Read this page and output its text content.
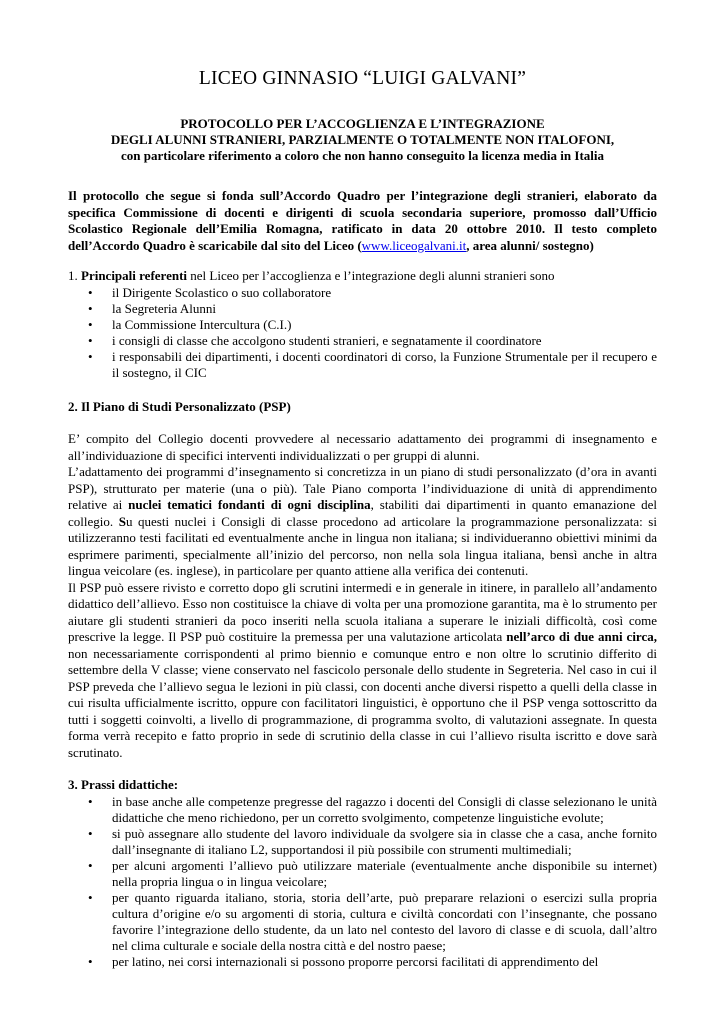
LICEO GINNASIO “LUIGI GALVANI”

PROTOCOLLO PER L’ACCOGLIENZA E L’INTEGRAZIONE

DEGLI ALUNNI STRANIERI, PARZIALMENTE O TOTALMENTE NON ITALOFONI,

con particolare riferimento a coloro che non hanno conseguito la licenza media in Italia

Il protocollo che segue si fonda sull’Accordo Quadro per l’integrazione degli stranieri, elaborato da specifica Commissione di docenti e dirigenti di scuola secondaria superiore, promosso dall’Ufficio Scolastico Regionale dell’Emilia Romagna, ratificato in data 20 ottobre 2010. Il testo completo dell’Accordo Quadro è scaricabile dal sito del Liceo (www.liceogalvani.it, area alunni/ sostegno)
1. Principali referenti nel Liceo per l’accoglienza e l’integrazione degli alunni stranieri sono
• il Dirigente Scolastico o suo collaboratore
• la Segreteria Alunni
• la Commissione Intercultura (C.I.)
• i consigli di classe che accolgono studenti stranieri, e segnatamente il coordinatore
• i responsabili dei dipartimenti, i docenti coordinatori di corso, la Funzione Strumentale per il recupero e il sostegno, il CIC
2. Il Piano di Studi Personalizzato (PSP)

E’ compito del Collegio docenti provvedere al necessario adattamento dei programmi di insegnamento e all’individuazione di specifici interventi individualizzati o per gruppi di alunni.

L’adattamento dei programmi d’insegnamento si concretizza in un piano di studi personalizzato (d’ora in avanti PSP), strutturato per materie (una o più). Tale Piano comporta l’individuazione di unità di apprendimento relative ai nuclei tematici fondanti di ogni disciplina, stabiliti dai dipartimenti in quanto emanazione del collegio. Su questi nuclei i Consigli di classe procedono ad articolare la programmazione personalizzata: si utilizzeranno testi facilitati ed eventualmente anche in lingua non italiana; si individueranno obiettivi minimi da esprimere parimenti, specialmente all’inizio del percorso, non nella sola lingua italiana, bensì anche in altra lingua veicolare (es. inglese), in particolare per quanto attiene alla verifica dei contenuti.

Il PSP può essere rivisto e corretto dopo gli scrutini intermedi e in generale in itinere, in parallelo all’andamento didattico dell’allievo. Esso non costituisce la chiave di volta per una promozione garantita, ma è lo strumento per aiutare gli studenti stranieri da poco inseriti nella scuola italiana a superare le iniziali difficoltà, così come prescrive la legge. Il PSP può costituire la premessa per una valutazione articolata nell’arco di due anni circa, non necessariamente corrispondenti al primo biennio e comunque entro e non oltre lo scrutinio differito di settembre della V classe; viene conservato nel fascicolo personale dello studente in Segreteria. Nel caso in cui il PSP preveda che l’allievo segua le lezioni in più classi, con docenti anche diversi rispetto a quelli della classe in cui risulta ufficialmente iscritto, oppure con facilitatori linguistici, è opportuno che il PSP venga sottoscritto da tutti i soggetti coinvolti, a livello di programmazione, di programma svolto, di valutazioni assegnate. In questa forma verrà recepito e fatto proprio in sede di scrutinio della classe in cui l’allievo risulta iscritto e dove sarà scrutinato.

3. Prassi didattiche:
• in base anche alle competenze pregresse del ragazzo i docenti del Consigli di classe selezionano le unità didattiche che meno richiedono, per un corretto svolgimento, competenze linguistiche evolute;
• si può assegnare allo studente del lavoro individuale da svolgere sia in classe che a casa, anche fornito dall’insegnante di italiano L2, supportandosi il più possibile con strumenti multimediali;
• per alcuni argomenti l’allievo può utilizzare materiale (eventualmente anche disponibile su internet) nella propria lingua o in lingua veicolare;
• per quanto riguarda italiano, storia, storia dell’arte, può preparare relazioni o esercizi sulla propria cultura d’origine e/o su argomenti di storia, cultura e civiltà concordati con l’insegnante, che possano favorire l’integrazione dello studente, da un lato nel contesto del lavoro di classe e di scuola, dall’altro nel clima culturale e sociale della nostra città e del nostro paese;
• per latino, nei corsi internazionali si possono proporre percorsi facilitati di apprendimento del
